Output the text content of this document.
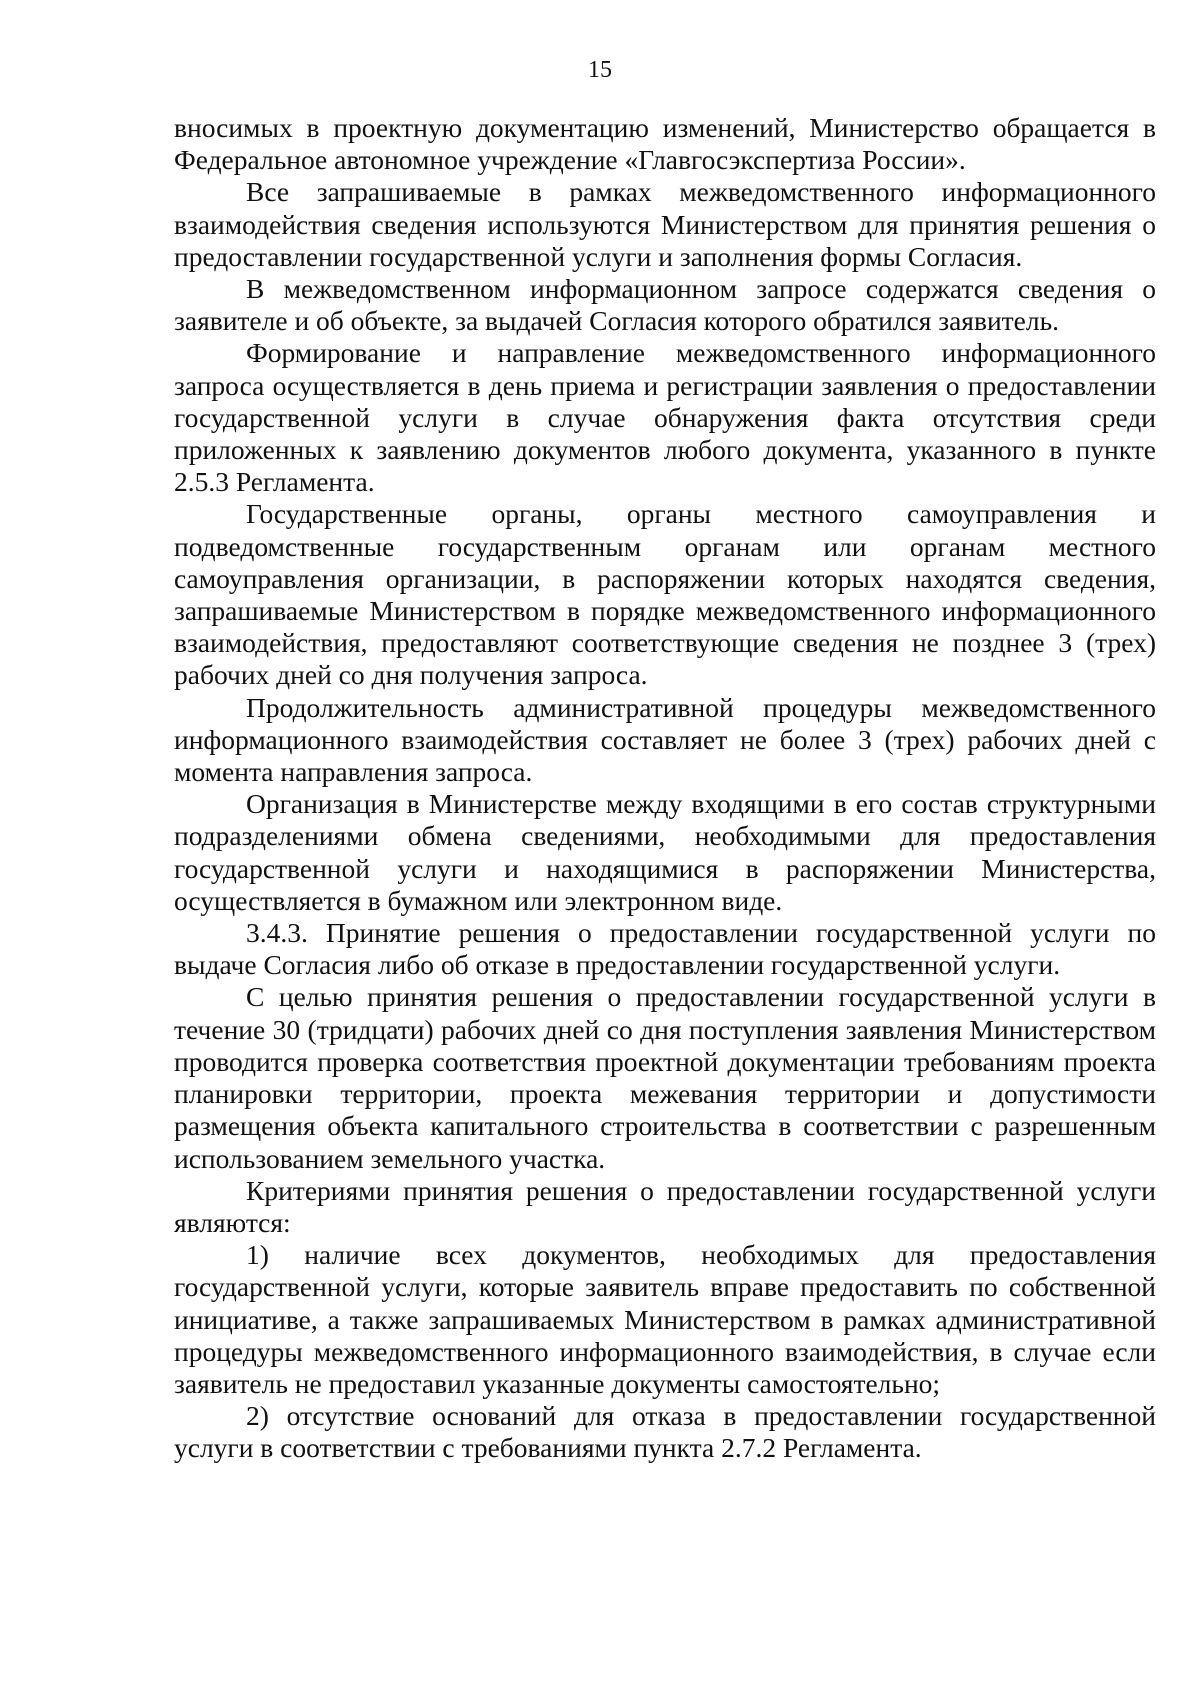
15

вносимых в проектную документацию изменений, Министерство обращается в Федеральное автономное учреждение «Главгосэкспертиза России».

Все запрашиваемые в рамках межведомственного информационного взаимодействия сведения используются Министерством для принятия решения о предоставлении государственной услуги и заполнения формы Согласия.

В межведомственном информационном запросе содержатся сведения о заявителе и об объекте, за выдачей Согласия которого обратился заявитель.

Формирование и направление межведомственного информационного запроса осуществляется в день приема и регистрации заявления о предоставлении государственной услуги в случае обнаружения факта отсутствия среди приложенных к заявлению документов любого документа, указанного в пункте 2.5.3 Регламента.

Государственные органы, органы местного самоуправления и подведомственные государственным органам или органам местного самоуправления организации, в распоряжении которых находятся сведения, запрашиваемые Министерством в порядке межведомственного информационного взаимодействия, предоставляют соответствующие сведения не позднее 3 (трех) рабочих дней со дня получения запроса.

Продолжительность административной процедуры межведомственного информационного взаимодействия составляет не более 3 (трех) рабочих дней с момента направления запроса.

Организация в Министерстве между входящими в его состав структурными подразделениями обмена сведениями, необходимыми для предоставления государственной услуги и находящимися в распоряжении Министерства, осуществляется в бумажном или электронном виде.

3.4.3. Принятие решения о предоставлении государственной услуги по выдаче Согласия либо об отказе в предоставлении государственной услуги.

С целью принятия решения о предоставлении государственной услуги в течение 30 (тридцати) рабочих дней со дня поступления заявления Министерством проводится проверка соответствия проектной документации требованиям проекта планировки территории, проекта межевания территории и допустимости размещения объекта капитального строительства в соответствии с разрешенным использованием земельного участка.

Критериями принятия решения о предоставлении государственной услуги являются:

1) наличие всех документов, необходимых для предоставления государственной услуги, которые заявитель вправе предоставить по собственной инициативе, а также запрашиваемых Министерством в рамках административной процедуры межведомственного информационного взаимодействия, в случае если заявитель не предоставил указанные документы самостоятельно;

2) отсутствие оснований для отказа в предоставлении государственной услуги в соответствии с требованиями пункта 2.7.2 Регламента.
